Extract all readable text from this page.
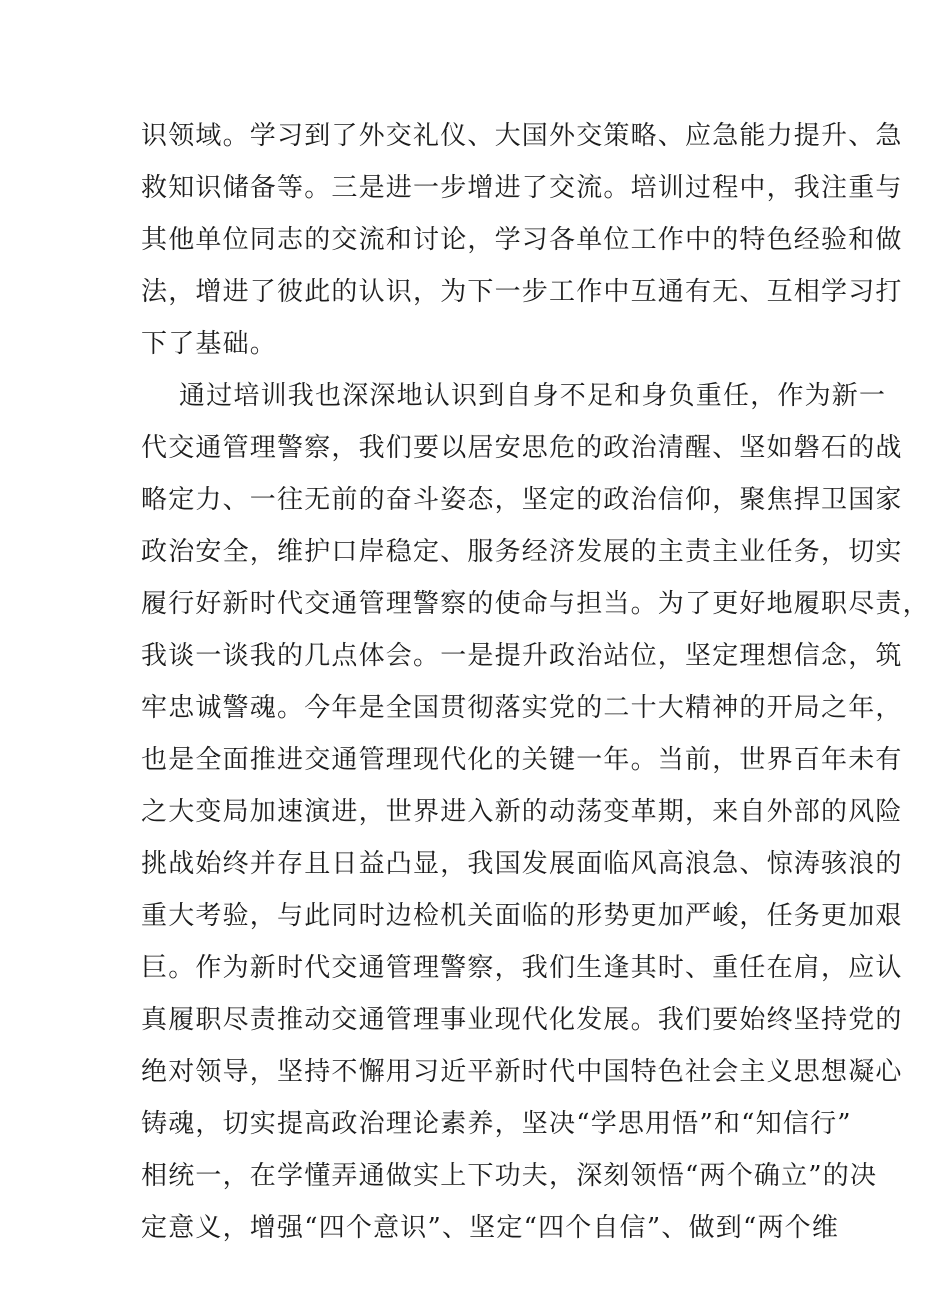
识领域。学习到了外交礼仪、大国外交策略、应急能力提升、急
救知识储备等。三是进一步增进了交流。培训过程中，我注重与
其他单位同志的交流和讨论，学习各单位工作中的特色经验和做
法，增进了彼此的认识，为下一步工作中互通有无、互相学习打
下了基础。
通过培训我也深深地认识到自身不足和身负重任，作为新一
代交通管理警察，我们要以居安思危的政治清醒、坚如磐石的战
略定力、一往无前的奋斗姿态，坚定的政治信仰，聚焦捍卫国家
政治安全，维护口岸稳定、服务经济发展的主责主业任务，切实
履行好新时代交通管理警察的使命与担当。为了更好地履职尽责，
我谈一谈我的几点体会。一是提升政治站位，坚定理想信念，筑
牢忠诚警魂。今年是全国贯彻落实党的二十大精神的开局之年，
也是全面推进交通管理现代化的关键一年。当前，世界百年未有
之大变局加速演进，世界进入新的动荡变革期，来自外部的风险
挑战始终并存且日益凸显，我国发展面临风高浪急、惊涛骇浪的
重大考验，与此同时边检机关面临的形势更加严峻，任务更加艰
巨。作为新时代交通管理警察，我们生逢其时、重任在肩，应认
真履职尽责推动交通管理事业现代化发展。我们要始终坚持党的
绝对领导，坚持不懈用习近平新时代中国特色社会主义思想凝心
铸魂，切实提高政治理论素养，坚决“学思用悟”和“知信行”
相统一，在学懂弄通做实上下功夫，深刻领悟“两个确立”的决
定意义，增强“四个意识”、坚定“四个自信”、做到“两个维
